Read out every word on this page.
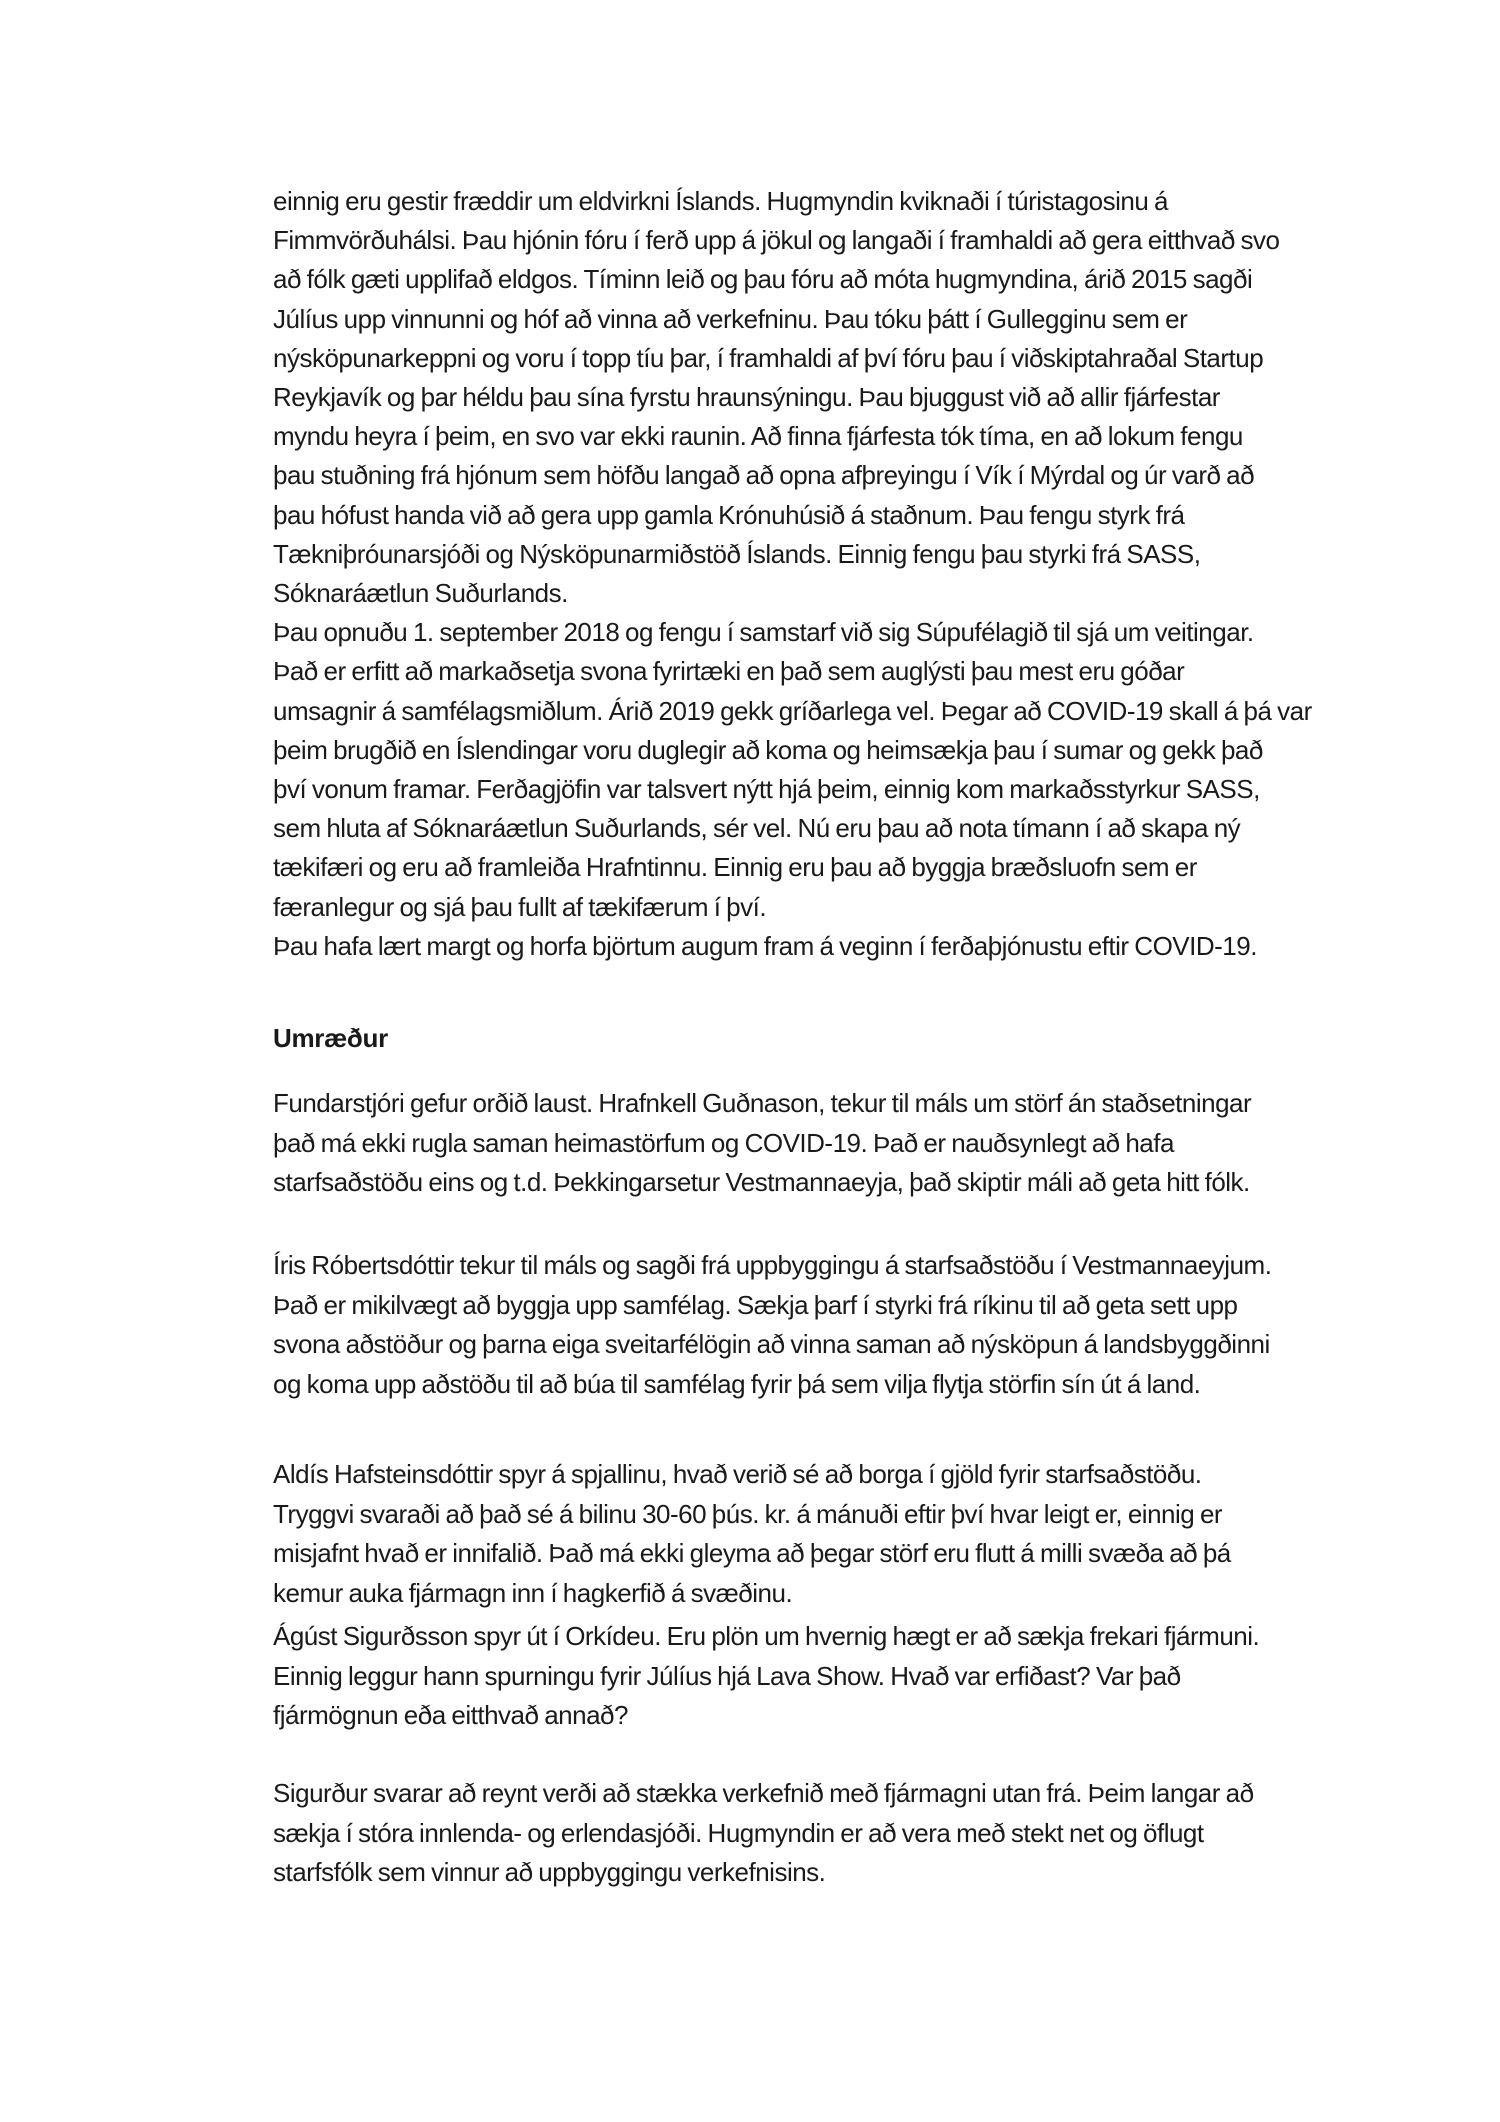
einnig eru gestir fræddir um eldvirkni Íslands. Hugmyndin kviknaði í túristagosinu á
Fimmvörðuhálsi. Þau hjónin fóru í ferð upp á jökul og langaði í framhaldi að gera eitthvað svo
að fólk gæti upplifað eldgos. Tíminn leið og þau fóru að móta hugmyndina, árið 2015 sagði
Júlíus upp vinnunni og hóf að vinna að verkefninu. Þau tóku þátt í Gullegginu sem er
nýsköpunarkeppni og voru í topp tíu þar, í framhaldi af því fóru þau í viðskiptahraðal Startup
Reykjavík og þar héldu þau sína fyrstu hraunsýningu. Þau bjuggust við að allir fjárfestar
myndu heyra í þeim, en svo var ekki raunin. Að finna fjárfesta tók tíma, en að lokum fengu
þau stuðning frá hjónum sem höfðu langað að opna afþreyingu í Vík í Mýrdal og úr varð að
þau hófust handa við að gera upp gamla Krónuhúsið á staðnum. Þau fengu styrk frá
Tækniþróunarsjóði og Nýsköpunarmiðstöð Íslands. Einnig fengu þau styrki frá SASS,
Sóknaráætlun Suðurlands.
Þau opnuðu 1. september 2018 og fengu í samstarf við sig Súpufélagið til sjá um veitingar.
Það er erfitt að markaðsetja svona fyrirtæki en það sem auglýsti þau mest eru góðar
umsagnir á samfélagsmiðlum. Árið 2019 gekk gríðarlega vel. Þegar að COVID-19 skall á þá var
þeim brugðið en Íslendingar voru duglegir að koma og heimsækja þau í sumar og gekk það
því vonum framar. Ferðagjöfin var talsvert nýtt hjá þeim, einnig kom markaðsstyrkur SASS,
sem hluta af Sóknaráætlun Suðurlands, sér vel. Nú eru þau að nota tímann í að skapa ný
tækifæri og eru að framleiða Hrafntinnu. Einnig eru þau að byggja bræðsluofn sem er
færanlegur og sjá þau fullt af tækifærum í því.
Þau hafa lært margt og horfa björtum augum fram á veginn í ferðaþjónustu eftir COVID-19.
Umræður
Fundarstjóri gefur orðið laust. Hrafnkell Guðnason, tekur til máls um störf án staðsetningar
það má ekki rugla saman heimastörfum og COVID-19. Það er nauðsynlegt að hafa
starfsaðstöðu eins og t.d. Þekkingarsetur Vestmannaeyja, það skiptir máli að geta hitt fólk.
Íris Róbertsdóttir tekur til máls og sagði frá uppbyggingu á starfsaðstöðu í Vestmannaeyjum.
Það er mikilvægt að byggja upp samfélag. Sækja þarf í styrki frá ríkinu til að geta sett upp
svona aðstöður og þarna eiga sveitarfélögin að vinna saman að nýsköpun á landsbyggðinni
og koma upp aðstöðu til að búa til samfélag fyrir þá sem vilja flytja störfin sín út á land.
Aldís Hafsteinsdóttir spyr á spjallinu, hvað verið sé að borga í gjöld fyrir starfsaðstöðu.
Tryggvi svaraði að það sé á bilinu 30-60 þús. kr. á mánuði eftir því hvar leigt er, einnig er
misjafnt hvað er innifalið. Það má ekki gleyma að þegar störf eru flutt á milli svæða að þá
kemur auka fjármagn inn í hagkerfið á svæðinu.
Ágúst Sigurðsson spyr út í Orkídeu. Eru plön um hvernig hægt er að sækja frekari fjármuni.
Einnig leggur hann spurningu fyrir Júlíus hjá Lava Show. Hvað var erfiðast? Var það
fjármögnun eða eitthvað annað?
Sigurður svarar að reynt verði að stækka verkefnið með fjármagni utan frá. Þeim langar að
sækja í stóra innlenda- og erlendasjóði. Hugmyndin er að vera með stekt net og öflugt
starfsfólk sem vinnur að uppbyggingu verkefnisins.
